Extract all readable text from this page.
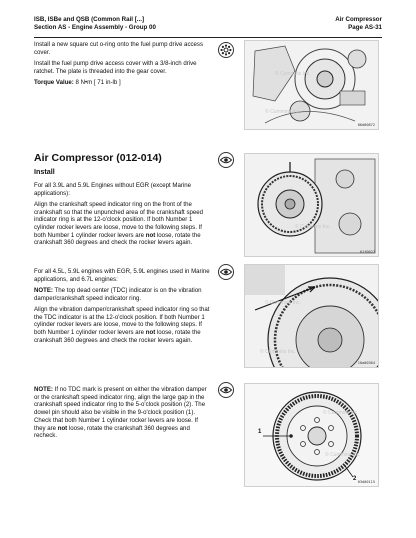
ISB, ISBe and QSB (Common Rail [...]
Section AS - Engine Assembly - Group 00
Air Compressor
Page AS-31

Install a new square cut o-ring onto the fuel pump drive access cover.

Install the fuel pump drive access cover with a 3/8-inch drive ratchet. The plate is threaded into the gear cover.

Torque Value: 8 N•m [ 71 in-lb ]

© Cummins Inc.
© Cummins Inc.
06d00872
Air Compressor (012-014)
Install

For all 3.9L and 5.9L Engines without EGR (except Marine applications):

Align the crankshaft speed indicator ring on the front of the crankshaft so that the unpunched area of the crankshaft speed indicator ring is at the 12-o'clock position. If both Number 1 cylinder rocker levers are loose, move to the following steps. If both Number 1 cylinder rocker levers are not loose, rotate the crankshaft 360 degrees and check the rocker levers again.

© Cummins Inc.
01f0027

For all 4.5L, 5.9L engines with EGR, 5.9L engines used in Marine applications, and 6.7L engines:

NOTE: The top dead center (TDC) indicator is on the vibration damper/crankshaft speed indicator ring.

Align the vibration damper/crankshaft speed indicator ring so that the TDC indicator is at the 12-o'clock position. If both Number 1 cylinder rocker levers are loose, move to the following steps. If both Number 1 cylinder rocker levers are not loose, rotate the crankshaft 360 degrees and check the rocker levers again.

© Cummins Inc.
© Cummins Inc.
10a00364

NOTE: If no TDC mark is present on either the vibration damper or the crankshaft speed indicator ring, align the large gap in the crankshaft speed indicator ring to the 5-o'clock position (2). The dowel pin should also be visible in the 9-o'clock position (1). Check that both Number 1 cylinder rocker levers are loose. If they are not loose, rotate the crankshaft 360 degrees and recheck.

1
2
© Cummins Inc.
© Cummins Inc.
03d00115
